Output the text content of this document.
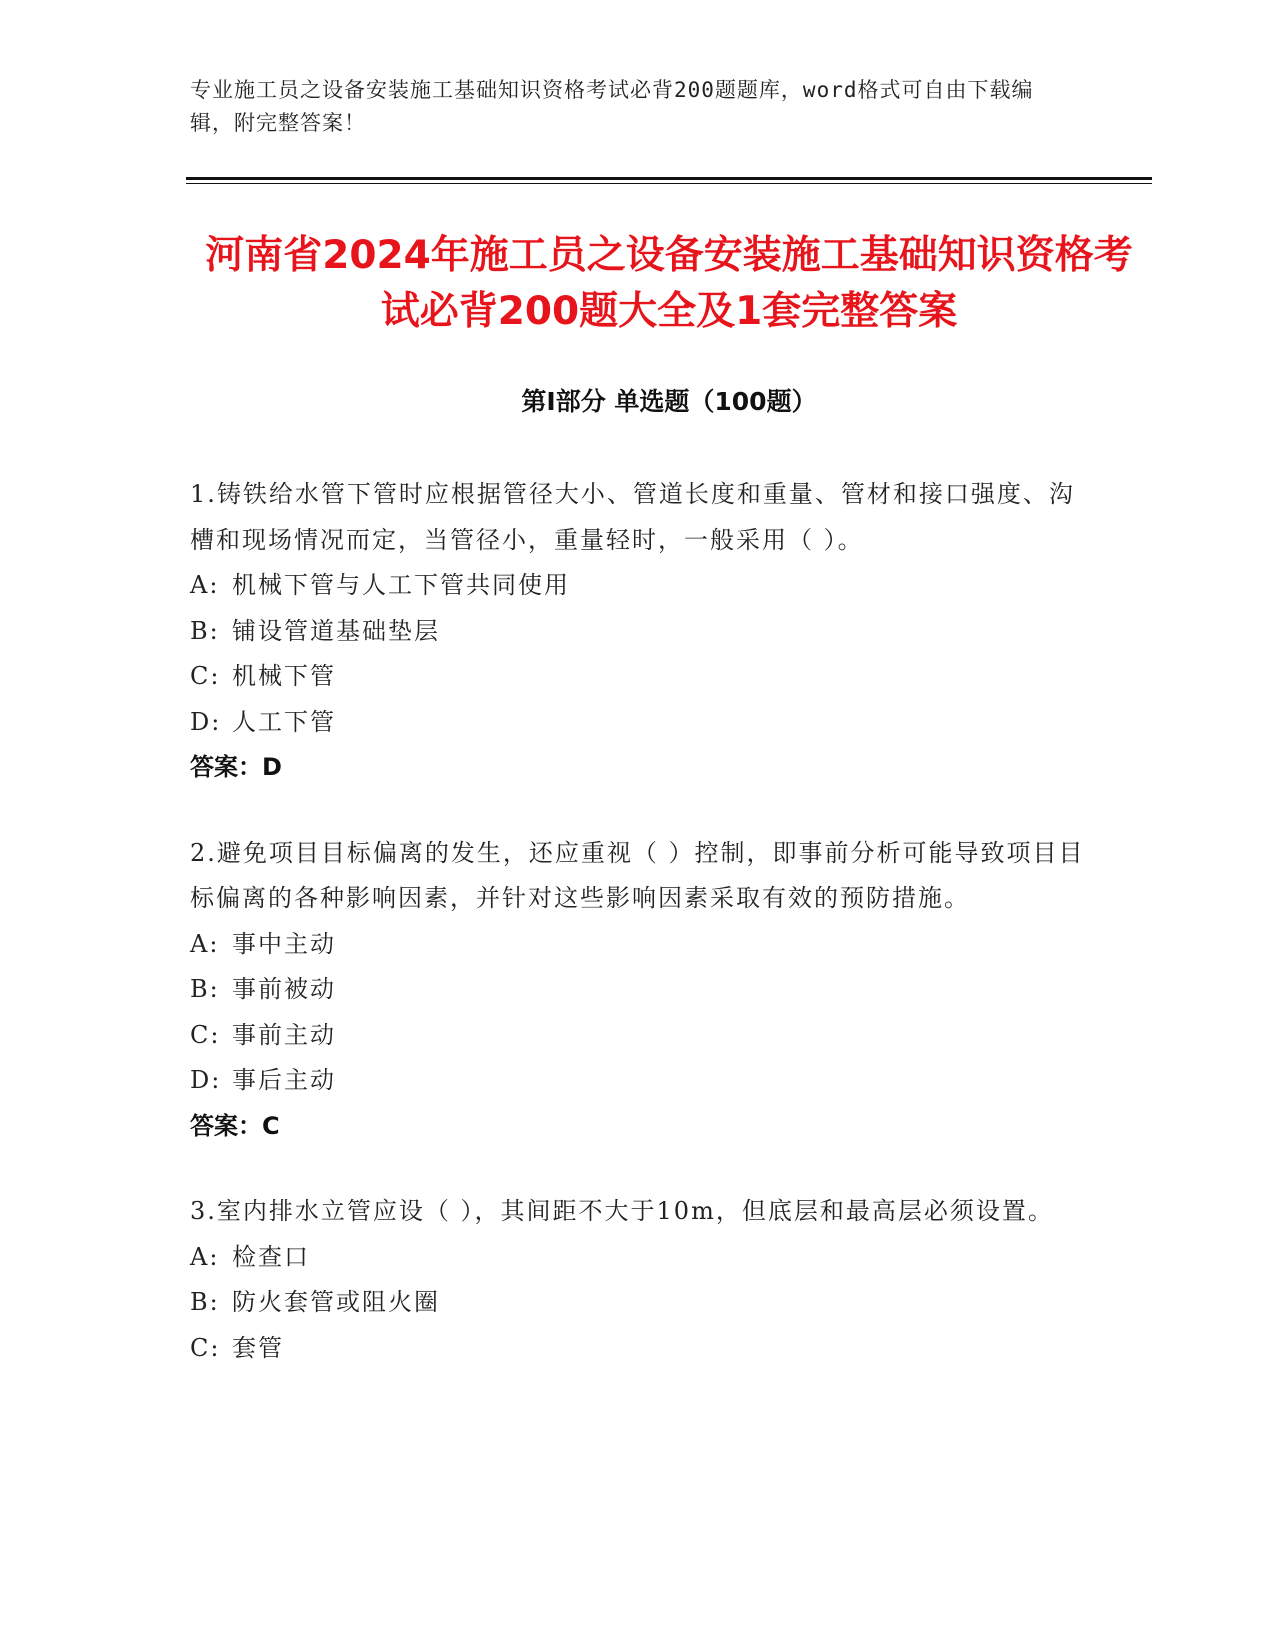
专业施工员之设备安装施工基础知识资格考试必背200题题库，word格式可自由下载编辑，附完整答案！
河南省2024年施工员之设备安装施工基础知识资格考试必背200题大全及1套完整答案
第Ⅰ部分 单选题（100题）
1.铸铁给水管下管时应根据管径大小、管道长度和重量、管材和接口强度、沟槽和现场情况而定，当管径小，重量轻时，一般采用（ ）。
A: 机械下管与人工下管共同使用
B: 铺设管道基础垫层
C: 机械下管
D: 人工下管
答案：D
2.避免项目目标偏离的发生，还应重视（ ）控制，即事前分析可能导致项目目标偏离的各种影响因素，并针对这些影响因素采取有效的预防措施。
A: 事中主动
B: 事前被动
C: 事前主动
D: 事后主动
答案：C
3.室内排水立管应设（ ），其间距不大于10m，但底层和最高层必须设置。
A: 检查口
B: 防火套管或阻火圈
C: 套管
